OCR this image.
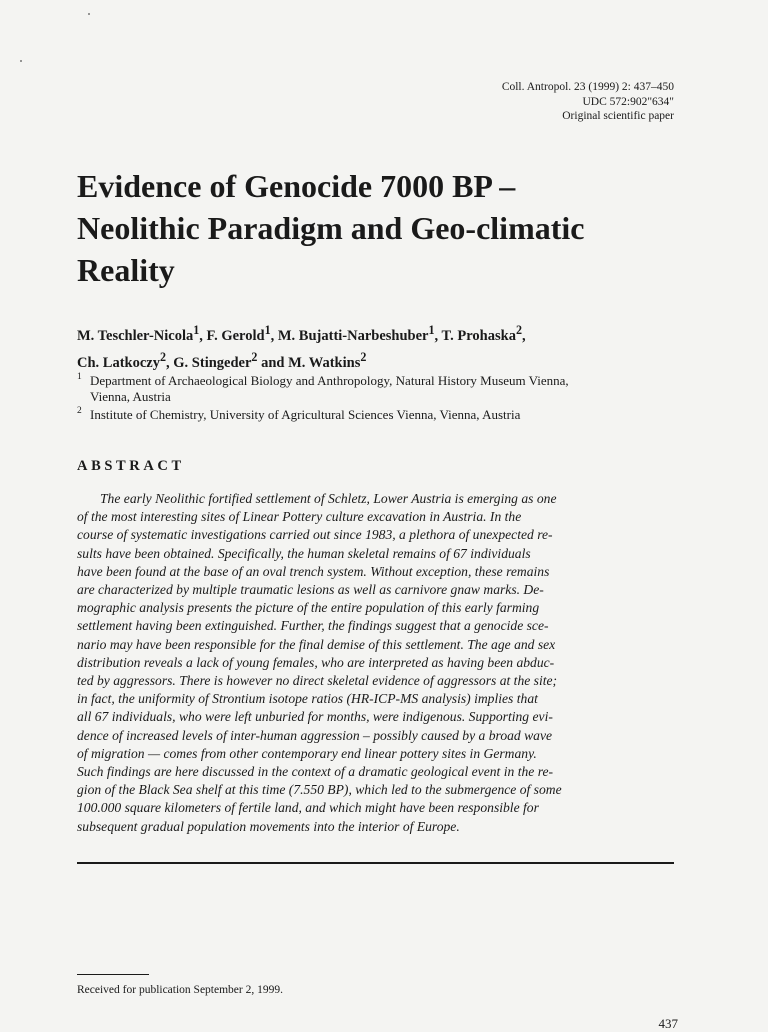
Coll. Antropol. 23 (1999) 2: 437–450
UDC 572:902"634"
Original scientific paper
Evidence of Genocide 7000 BP –
Neolithic Paradigm and Geo-climatic
Reality
M. Teschler-Nicola$^1$, F. Gerold$^1$, M. Bujatti-Narbeshuber$^1$, T. Prohaska$^2$,
Ch. Latkoczy$^2$, G. Stingeder$^2$ and M. Watkins$^2$
1 Department of Archaeological Biology and Anthropology, Natural History Museum Vienna,
Vienna, Austria
2 Institute of Chemistry, University of Agricultural Sciences Vienna, Vienna, Austria
ABSTRACT
The early Neolithic fortified settlement of Schletz, Lower Austria is emerging as one
of the most interesting sites of Linear Pottery culture excavation in Austria. In the
course of systematic investigations carried out since 1983, a plethora of unexpected re-
sults have been obtained. Specifically, the human skeletal remains of 67 individuals
have been found at the base of an oval trench system. Without exception, these remains
are characterized by multiple traumatic lesions as well as carnivore gnaw marks. De-
mographic analysis presents the picture of the entire population of this early farming
settlement having been extinguished. Further, the findings suggest that a genocide sce-
nario may have been responsible for the final demise of this settlement. The age and sex
distribution reveals a lack of young females, who are interpreted as having been abduc-
ted by aggressors. There is however no direct skeletal evidence of aggressors at the site;
in fact, the uniformity of Strontium isotope ratios (HR-ICP-MS analysis) implies that
all 67 individuals, who were left unburied for months, were indigenous. Supporting evi-
dence of increased levels of inter-human aggression – possibly caused by a broad wave
of migration — comes from other contemporary end linear pottery sites in Germany.
Such findings are here discussed in the context of a dramatic geological event in the re-
gion of the Black Sea shelf at this time (7.550 BP), which led to the submergence of some
100.000 square kilometers of fertile land, and which might have been responsible for
subsequent gradual population movements into the interior of Europe.
Received for publication September 2, 1999.
437
